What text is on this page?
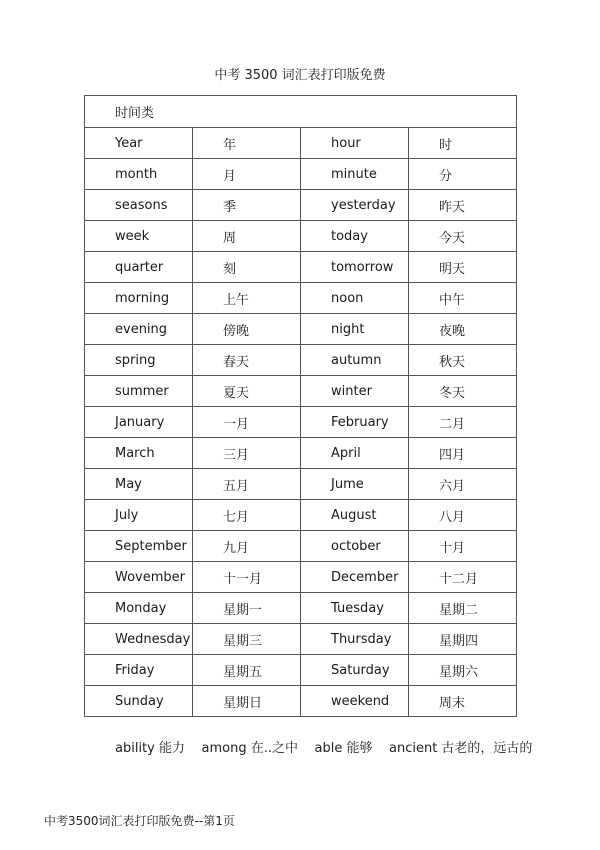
中考 3500 词汇表打印版免费
时间类			
Year	年	hour	时
month	月	minute	分
seasons	季	yesterday	昨天
week	周	today	今天
quarter	刻	tomorrow	明天
morning	上午	noon	中午
evening	傍晚	night	夜晚
spring	春天	autumn	秋天
summer	夏天	winter	冬天
January	一月	February	二月
March	三月	April	四月
May	五月	Jume	六月
July	七月	August	八月
September	九月	october	十月
Wovember	十一月	December	十二月
Monday	星期一	Tuesday	星期二
Wednesday	星期三	Thursday	星期四
Friday	星期五	Saturday	星期六
Sunday	星期日	weekend	周末
ability 能力    among 在..之中    able 能够    ancient 古老的，远古的
中考3500词汇表打印版免费--第1页
